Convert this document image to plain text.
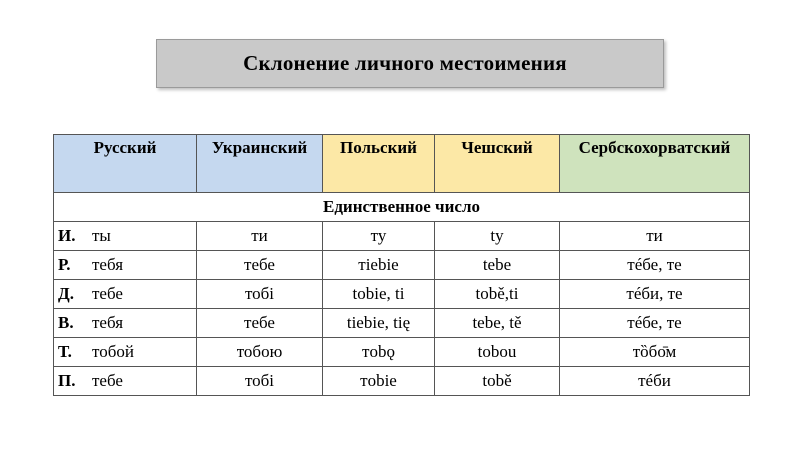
Склонение личного местоимения
Русский	Украинский	Польский	Чешский	Сербскохорватский
Единственное число				
И. ты	ти	ту	ty	ти
Р. тебя	тебе	тiebie	tebe	тéбе, те
Д. тебе	тобі	tobie, ti	tobě,ti	тéби, те
В. тебя	тебе	tiebie, tię	tebe, tě	тéбе, те
Т. тобой	тобою	тobǫ	tobou	тȍбо̄м
П. тебе	тобі	тobie	tobě	тéби
